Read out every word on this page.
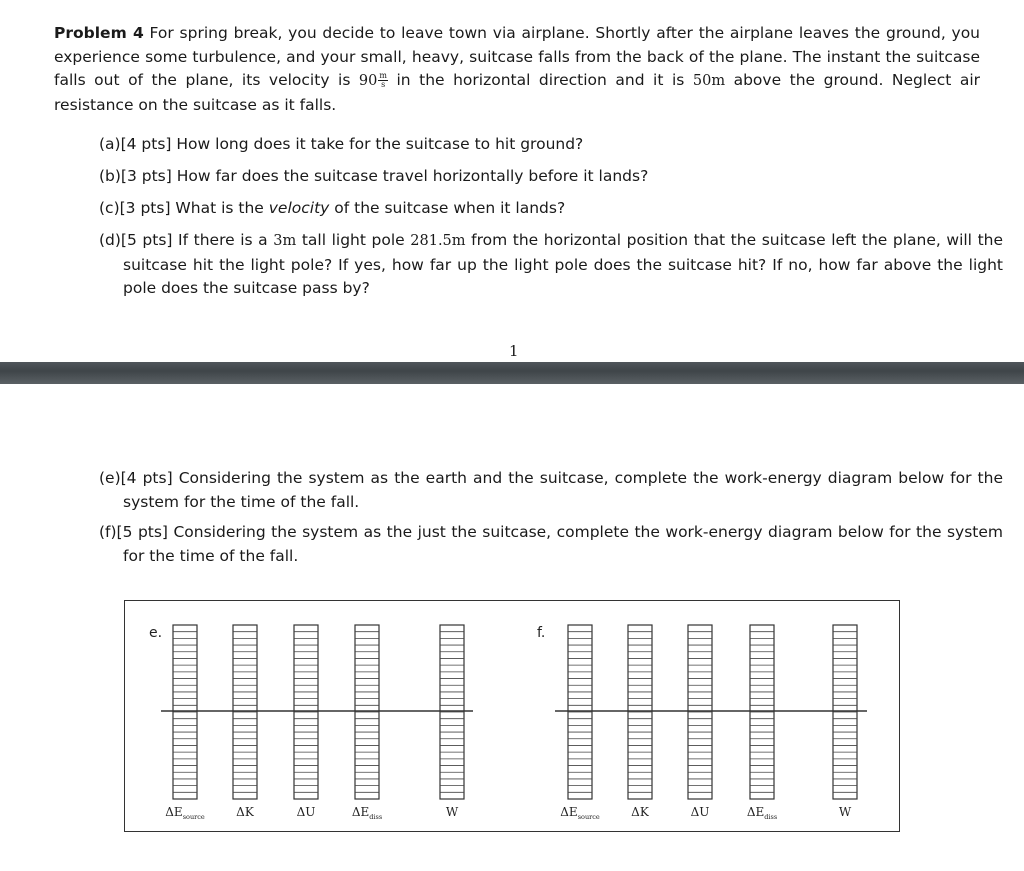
Problem 4 For spring break, you decide to leave town via airplane. Shortly after the airplane leaves the ground, you experience some turbulence, and your small, heavy, suitcase falls from the back of the plane. The instant the suitcase falls out of the plane, its velocity is $90 \frac{m}{s}$ in the horizontal direction and it is 50m above the ground. Neglect air resistance on the suitcase as it falls.
(a)[4 pts] How long does it take for the suitcase to hit ground?
(b)[3 pts] How far does the suitcase travel horizontally before it lands?
(c)[3 pts] What is the velocity of the suitcase when it lands?
(d)[5 pts] If there is a 3m tall light pole 281.5m from the horizontal position that the suitcase left the plane, will the suitcase hit the light pole? If yes, how far up the light pole does the suitcase hit? If no, how far above the light pole does the suitcase pass by?
1
(e)[4 pts] Considering the system as the earth and the suitcase, complete the work-energy diagram below for the system for the time of the fall.
(f)[5 pts] Considering the system as the just the suitcase, complete the work-energy diagram below for the system for the time of the fall.
e.
$\Delta E_{source}$	ΔK	ΔU	$\Delta E_{diss}$	W
f.
$\Delta E_{source}$	ΔK	ΔU	$\Delta E_{diss}$	W
